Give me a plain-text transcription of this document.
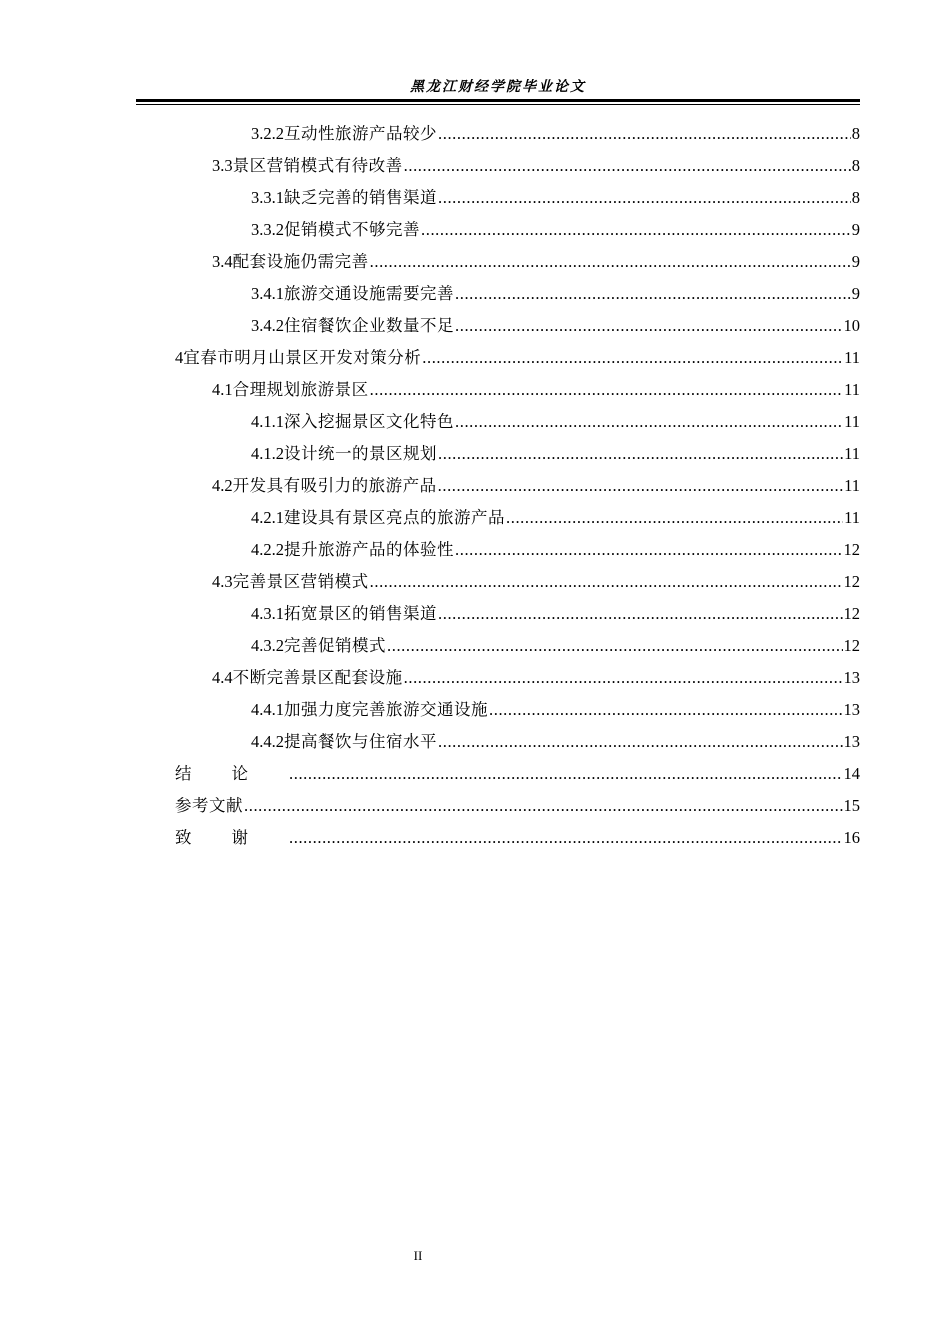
黑龙江财经学院毕业论文
3.2.2 互动性旅游产品较少 .....	8
3.3 景区营销模式有待改善 .....	8
3.3.1 缺乏完善的销售渠道 .....	8
3.3.2 促销模式不够完善 .....	9
3.4 配套设施仍需完善 .....	9
3.4.1 旅游交通设施需要完善 .....	9
3.4.2 住宿餐饮企业数量不足 .....	10
4 宜春市明月山景区开发对策分析 .....	11
4.1 合理规划旅游景区 .....	11
4.1.1 深入挖掘景区文化特色 .....	11
4.1.2 设计统一的景区规划 .....	11
4.2 开发具有吸引力的旅游产品 .....	11
4.2.1 建设具有景区亮点的旅游产品 .....	11
4.2.2 提升旅游产品的体验性 .....	12
4.3 完善景区营销模式 .....	12
4.3.1 拓宽景区的销售渠道 .....	12
4.3.2 完善促销模式 .....	12
4.4 不断完善景区配套设施 .....	13
4.4.1 加强力度完善旅游交通设施 .....	13
4.4.2 提高餐饮与住宿水平 .....	13
结论 .....	14
参考文献 .....	15
致谢 .....	16
II
